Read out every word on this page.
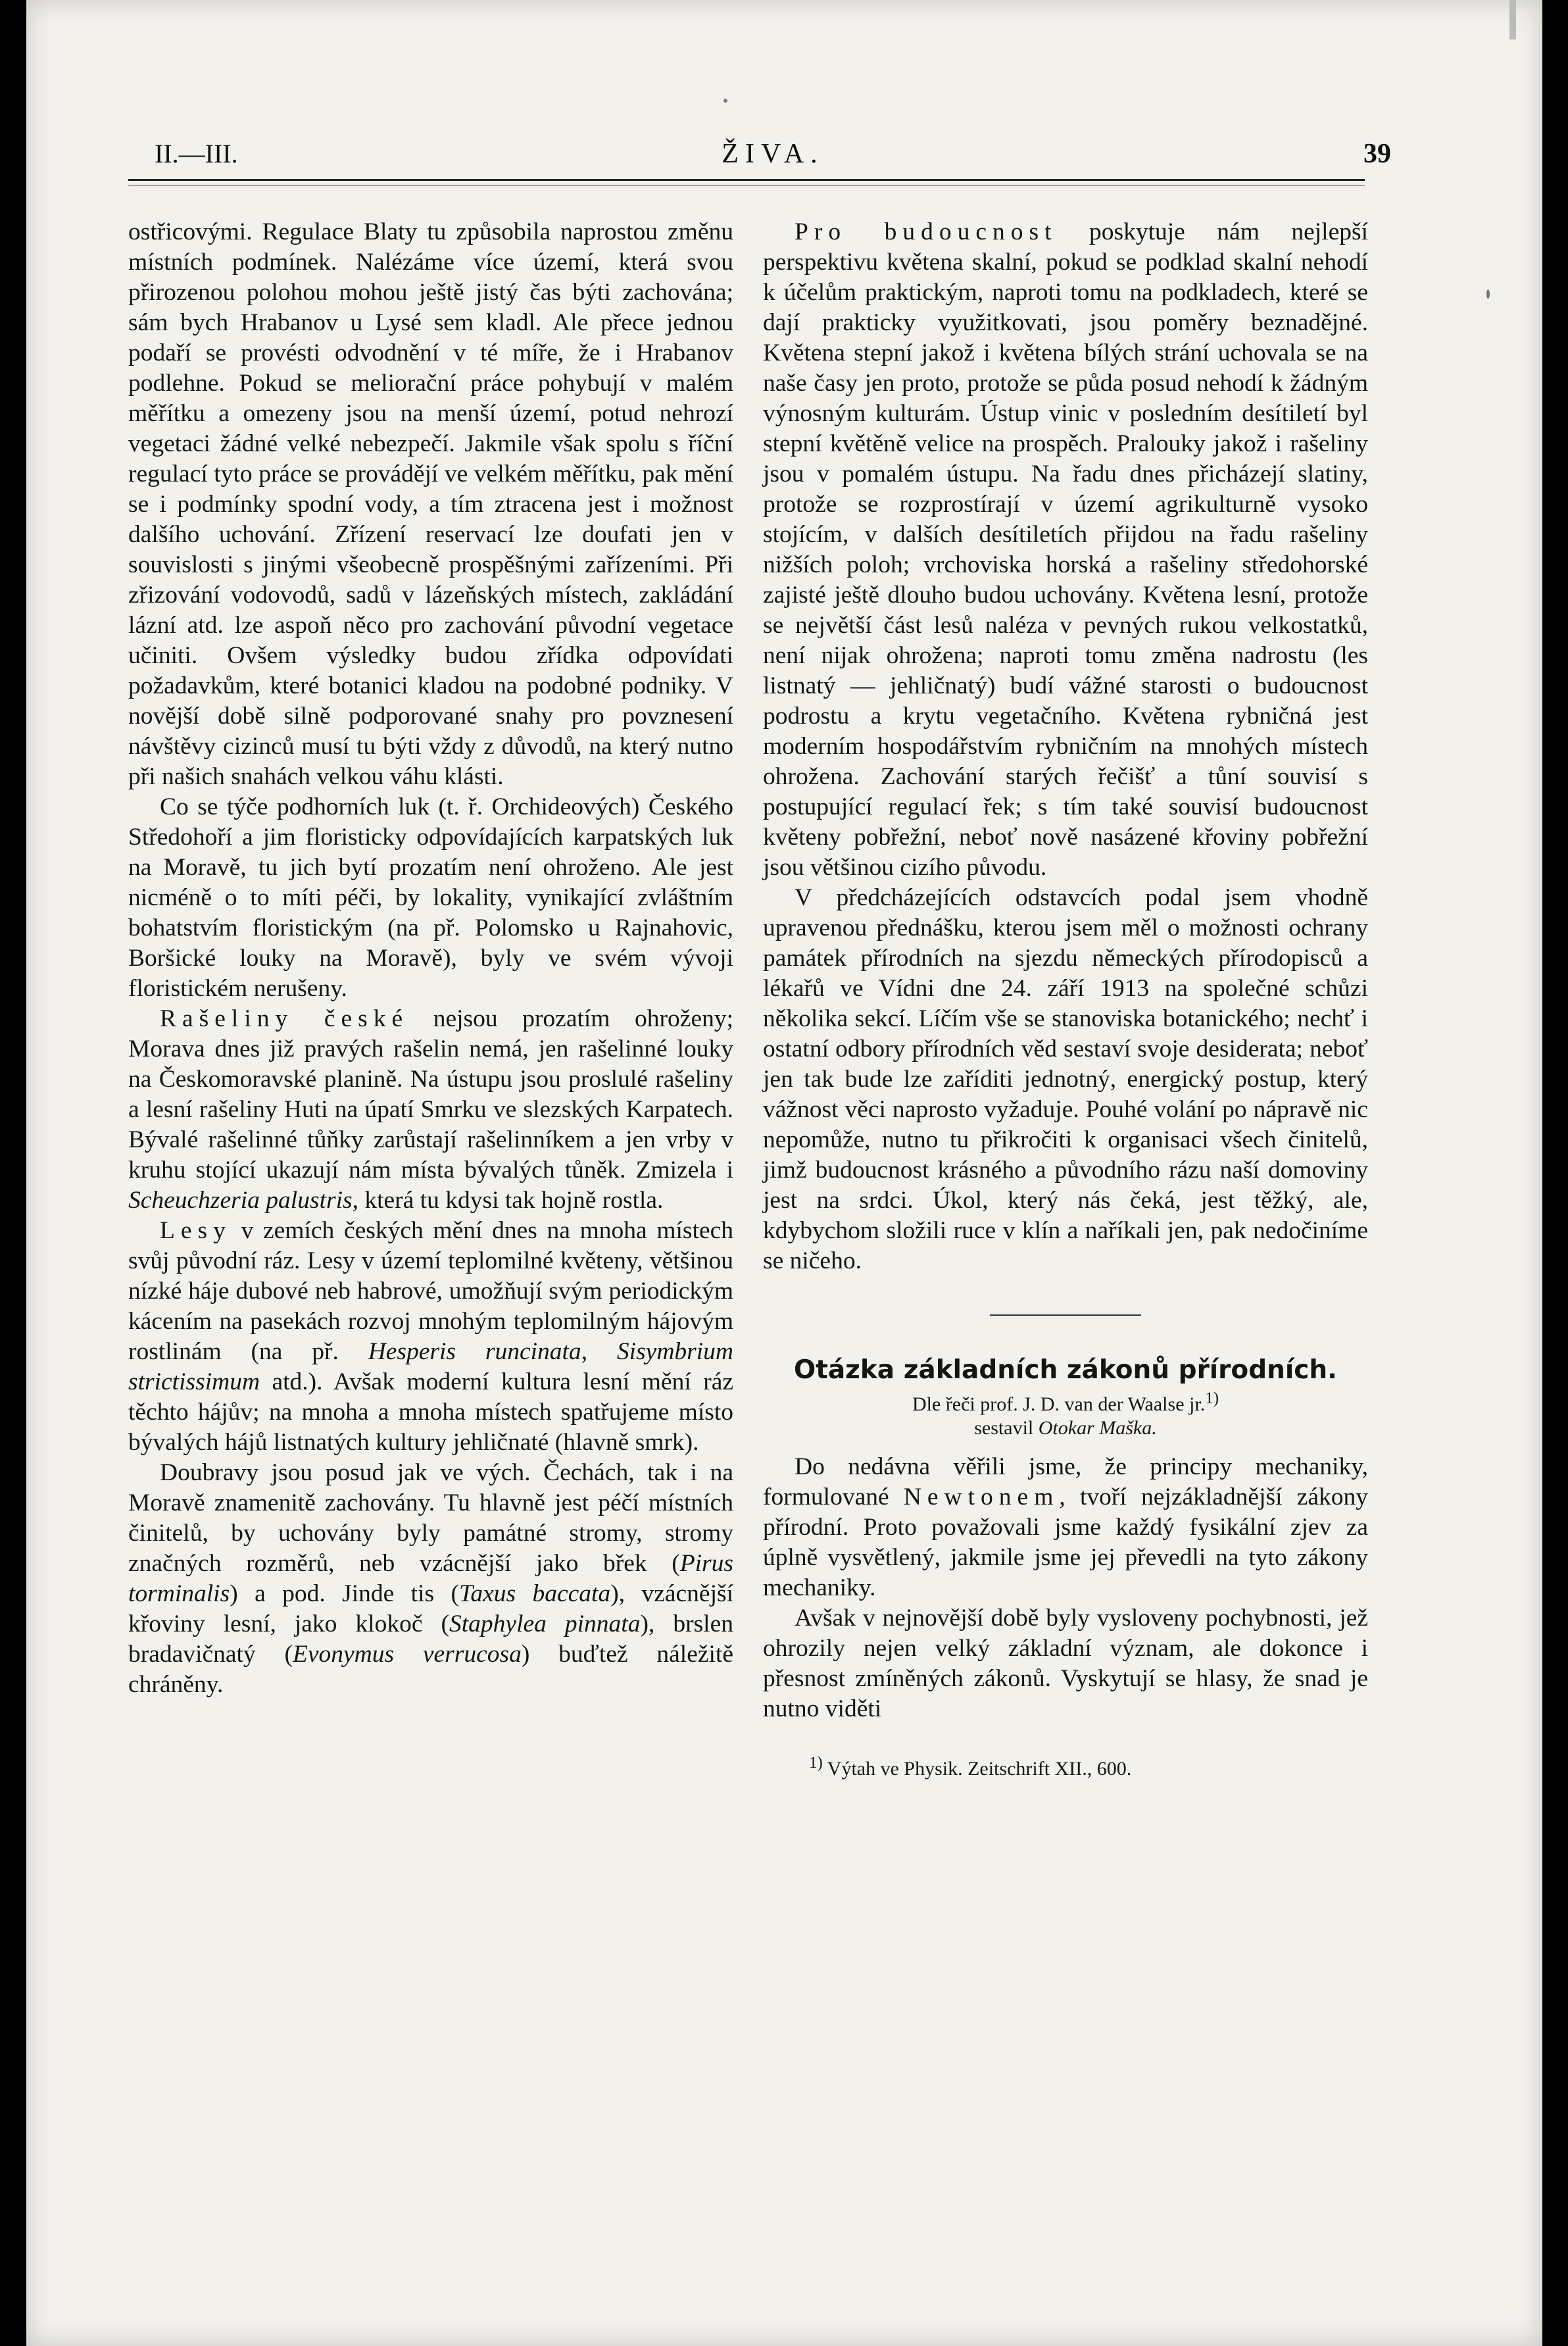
II.—III.	ŽIVA.	39

ostřicovými. Regulace Blaty tu způsobila naprostou změnu místních podmínek. Nalézáme více území, která svou přirozenou polohou mohou ještě jistý čas býti zachována; sám bych Hrabanov u Lysé sem kladl. Ale přece jednou podaří se provésti odvodnění v té míře, že i Hrabanov podlehne. Pokud se meliorační práce pohybují v malém měřítku a omezeny jsou na menší území, potud nehrozí vegetaci žádné velké nebezpečí. Jakmile však spolu s říční regulací tyto práce se provádějí ve velkém měřítku, pak mění se i podmínky spodní vody, a tím ztracena jest i možnost dalšího uchování. Zřízení reservací lze doufati jen v souvislosti s jinými všeobecně prospěšnými zařízeními. Při zřizování vodovodů, sadů v lázeňských místech, zakládání lázní atd. lze aspoň něco pro zachování původní vegetace učiniti. Ovšem výsledky budou zřídka odpovídati požadavkům, které botanici kladou na podobné podniky. V novější době silně podporované snahy pro povznesení návštěvy cizinců musí tu býti vždy z důvodů, na který nutno při našich snahách velkou váhu klásti.

Co se týče podhorních luk (t. ř. Orchideových) Českého Středohoří a jim floristicky odpovídajících karpatských luk na Moravě, tu jich bytí prozatím není ohroženo. Ale jest nicméně o to míti péči, by lokality, vynikající zvláštním bohatstvím floristickým (na př. Polomsko u Rajnahovic, Boršické louky na Moravě), byly ve svém vývoji floristickém nerušeny.

Rašeliny české nejsou prozatím ohroženy; Morava dnes již pravých rašelin nemá, jen rašelinné louky na Českomoravské planině. Na ústupu jsou proslulé rašeliny a lesní rašeliny Huti na úpatí Smrku ve slezských Karpatech. Bývalé rašelinné tůňky zarůstají rašelinníkem a jen vrby v kruhu stojící ukazují nám místa bývalých tůněk. Zmizela i Scheuchzeria palustris, která tu kdysi tak hojně rostla.

Lesy v zemích českých mění dnes na mnoha místech svůj původní ráz. Lesy v území teplomilné květeny, většinou nízké háje dubové neb habrové, umožňují svým periodickým kácením na pasekách rozvoj mnohým teplomilným hájovým rostlinám (na př. Hesperis runcinata, Sisymbrium strictissimum atd.). Avšak moderní kultura lesní mění ráz těchto hájův; na mnoha a mnoha místech spatřujeme místo bývalých hájů listnatých kultury jehličnaté (hlavně smrk).

Doubravy jsou posud jak ve vých. Čechách, tak i na Moravě znamenitě zachovány. Tu hlavně jest péčí místních činitelů, by uchovány byly památné stromy, stromy značných rozměrů, neb vzácnější jako břek (Pirus torminalis) a pod. Jinde tis (Taxus baccata), vzácnější křoviny lesní, jako klokoč (Staphylea pinnata), brslen bradavičnatý (Evonymus verrucosa) buďtež náležitě chráněny.

Pro budoucnost poskytuje nám nejlepší perspektivu květena skalní, pokud se podklad skalní nehodí k účelům praktickým, naproti tomu na podkladech, které se dají prakticky využitkovati, jsou poměry beznadějné. Květena stepní jakož i květena bílých strání uchovala se na naše časy jen proto, protože se půda posud nehodí k žádným výnosným kulturám. Ústup vinic v posledním desítiletí byl stepní květěně velice na prospěch. Pralouky jakož i rašeliny jsou v pomalém ústupu. Na řadu dnes přicházejí slatiny, protože se rozprostírají v území agrikulturně vysoko stojícím, v dalších desítiletích přijdou na řadu rašeliny nižších poloh; vrchoviska horská a rašeliny středohorské zajisté ještě dlouho budou uchovány. Květena lesní, protože se největší část lesů naléza v pevných rukou velkostatků, není nijak ohrožena; naproti tomu změna nadrostu (les listnatý — jehličnatý) budí vážné starosti o budoucnost podrostu a krytu vegetačního. Květena rybničná jest moderním hospodářstvím rybničním na mnohých místech ohrožena. Zachování starých řečišť a tůní souvisí s postupující regulací řek; s tím také souvisí budoucnost květeny pobřežní, neboť nově nasázené křoviny pobřežní jsou většinou cizího původu.

V předcházejících odstavcích podal jsem vhodně upravenou přednášku, kterou jsem měl o možnosti ochrany památek přírodních na sjezdu německých přírodopisců a lékařů ve Vídni dne 24. září 1913 na společné schůzi několika sekcí. Líčím vše se stanoviska botanického; nechť i ostatní odbory přírodních věd sestaví svoje desiderata; neboť jen tak bude lze zaříditi jednotný, energický postup, který vážnost věci naprosto vyžaduje. Pouhé volání po nápravě nic nepomůže, nutno tu přikročiti k organisaci všech činitelů, jimž budoucnost krásného a původního rázu naší domoviny jest na srdci. Úkol, který nás čeká, jest těžký, ale, kdybychom složili ruce v klín a naříkali jen, pak nedočiníme se ničeho.

Otázka základních zákonů přírodních.
Dle řeči prof. J. D. van der Waalse jr.$^{1)}$
sestavil Otokar Maška.

Do nedávna věřili jsme, že principy mechaniky, formulované Newtonem, tvoří nejzákladnější zákony přírodní. Proto považovali jsme každý fysikální zjev za úplně vysvětlený, jakmile jsme jej převedli na tyto zákony mechaniky.

Avšak v nejnovější době byly vysloveny pochybnosti, jež ohrozily nejen velký základní význam, ale dokonce i přesnost zmíněných zákonů. Vyskytují se hlasy, že snad je nutno viděti

$^{1)}$ Výtah ve Physik. Zeitschrift XII., 600.
